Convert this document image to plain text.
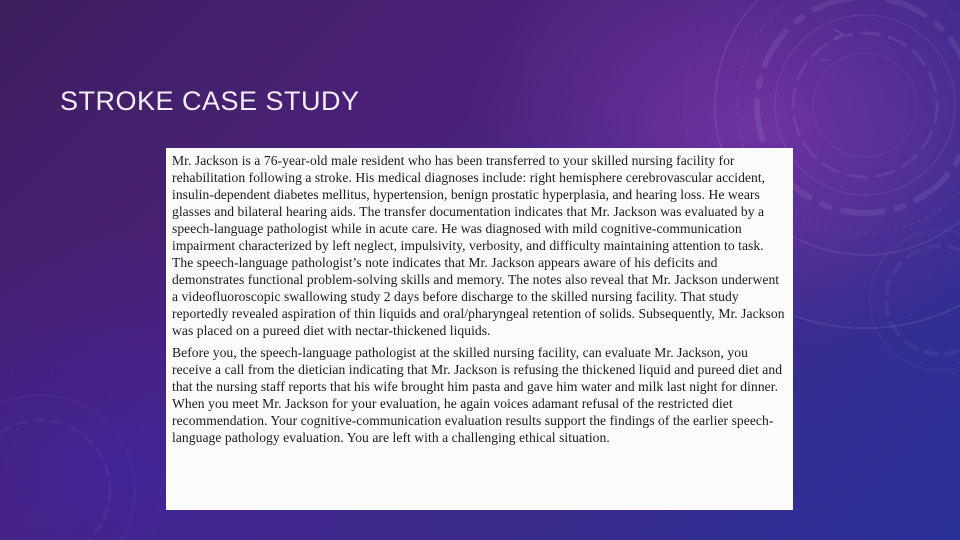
STROKE CASE STUDY

Mr. Jackson is a 76-year-old male resident who has been transferred to your skilled nursing facility for rehabilitation following a stroke. His medical diagnoses include: right hemisphere cerebrovascular accident, insulin-dependent diabetes mellitus, hypertension, benign prostatic hyperplasia, and hearing loss. He wears glasses and bilateral hearing aids. The transfer documentation indicates that Mr. Jackson was evaluated by a speech-language pathologist while in acute care. He was diagnosed with mild cognitive-communication impairment characterized by left neglect, impulsivity, verbosity, and difficulty maintaining attention to task. The speech-language pathologist’s note indicates that Mr. Jackson appears aware of his deficits and demonstrates functional problem-solving skills and memory. The notes also reveal that Mr. Jackson underwent a videofluoroscopic swallowing study 2 days before discharge to the skilled nursing facility. That study reportedly revealed aspiration of thin liquids and oral/pharyngeal retention of solids. Subsequently, Mr. Jackson was placed on a pureed diet with nectar-thickened liquids.

Before you, the speech-language pathologist at the skilled nursing facility, can evaluate Mr. Jackson, you receive a call from the dietician indicating that Mr. Jackson is refusing the thickened liquid and pureed diet and that the nursing staff reports that his wife brought him pasta and gave him water and milk last night for dinner. When you meet Mr. Jackson for your evaluation, he again voices adamant refusal of the restricted diet recommendation. Your cognitive-communication evaluation results support the findings of the earlier speech-language pathology evaluation. You are left with a challenging ethical situation.
